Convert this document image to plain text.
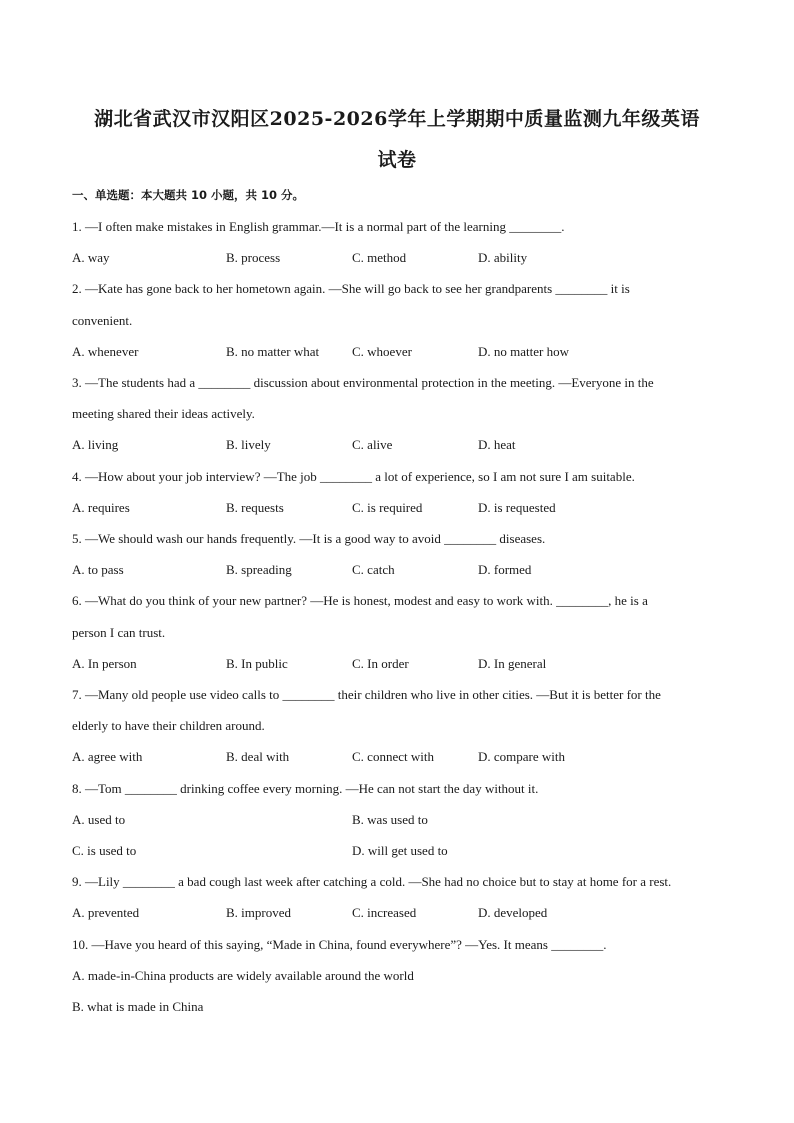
湖北省武汉市汉阳区2025-2026学年上学期期中质量监测九年级英语
试卷
一、单选题：本大题共 10 小题，共 10 分。
1. —I often make mistakes in English grammar.—It is a normal part of the learning ________.
A. way	B. process	C. method	D. ability
2. —Kate has gone back to her hometown again. —She will go back to see her grandparents ________ it is
convenient.
A. whenever	B. no matter what	C. whoever	D. no matter how
3. —The students had a ________ discussion about environmental protection in the meeting. —Everyone in the
meeting shared their ideas actively.
A. living	B. lively	C. alive	D. heat
4. —How about your job interview? —The job ________ a lot of experience, so I am not sure I am suitable.
A. requires	B. requests	C. is required	D. is requested
5. —We should wash our hands frequently. —It is a good way to avoid ________ diseases.
A. to pass	B. spreading	C. catch	D. formed
6. —What do you think of your new partner? —He is honest, modest and easy to work with. ________, he is a
person I can trust.
A. In person	B. In public	C. In order	D. In general
7. —Many old people use video calls to ________ their children who live in other cities. —But it is better for the
elderly to have their children around.
A. agree with	B. deal with	C. connect with	D. compare with
8. —Tom ________ drinking coffee every morning. —He can not start the day without it.
A. used to	B. was used to
C. is used to	D. will get used to
9. —Lily ________ a bad cough last week after catching a cold. —She had no choice but to stay at home for a rest.
A. prevented	B. improved	C. increased	D. developed
10. —Have you heard of this saying, “Made in China, found everywhere”? —Yes. It means ________.
A. made-in-China products are widely available around the world
B. what is made in China
